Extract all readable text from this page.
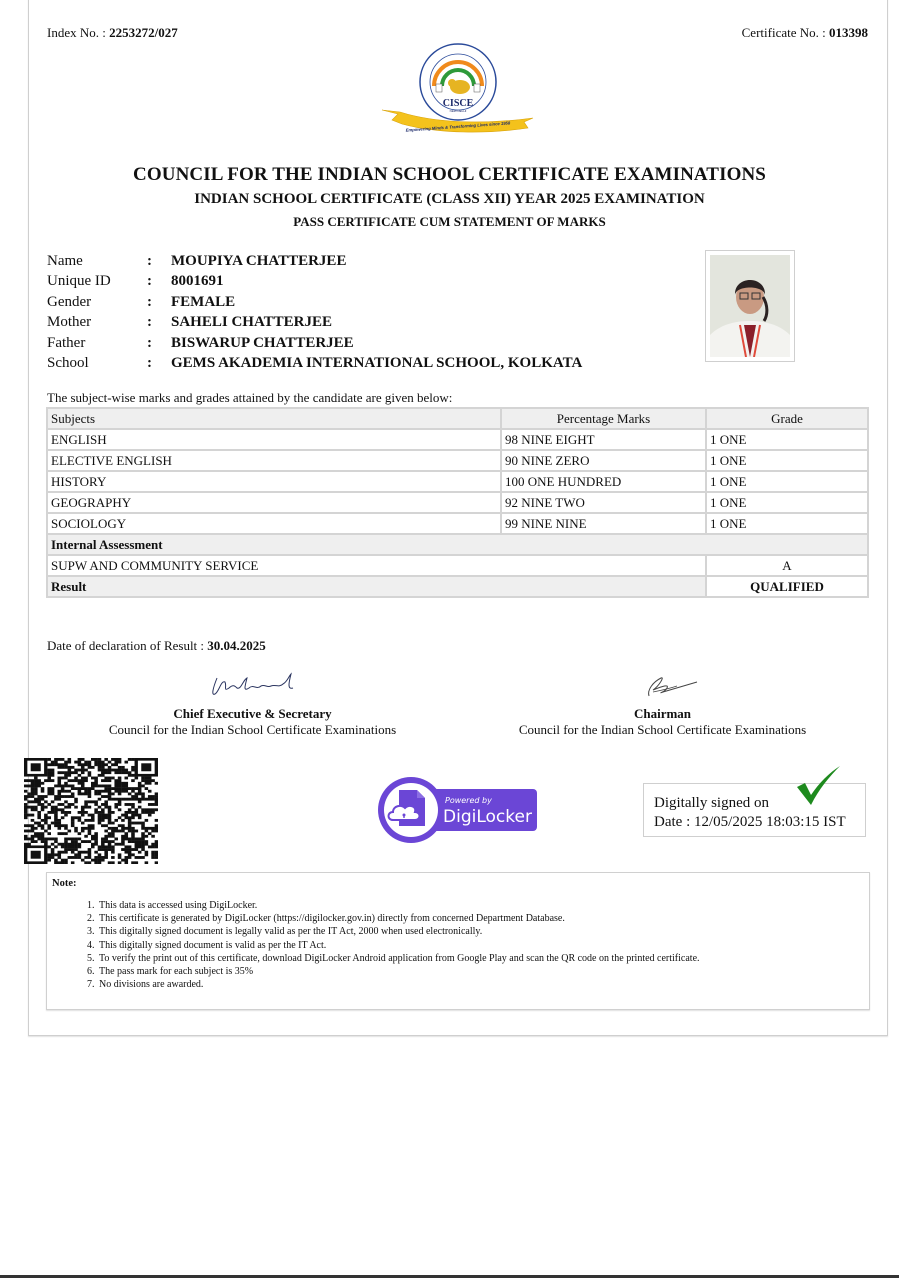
Index No. : 2253272/027	Certificate No. : 013398
CISCE
NEW DELHI
Empowering Minds & Transforming Lives since 1958
COUNCIL FOR THE INDIAN SCHOOL CERTIFICATE EXAMINATIONS
INDIAN SCHOOL CERTIFICATE (CLASS XII) YEAR 2025 EXAMINATION
PASS CERTIFICATE CUM STATEMENT OF MARKS
Name	:	MOUPIYA CHATTERJEE
Unique ID	:	8001691
Gender	:	FEMALE
Mother	:	SAHELI CHATTERJEE
Father	:	BISWARUP CHATTERJEE
School	:	GEMS AKADEMIA INTERNATIONAL SCHOOL, KOLKATA
The subject-wise marks and grades attained by the candidate are given below:
Subjects	Percentage Marks	Grade
ENGLISH	98 NINE EIGHT	1 ONE
ELECTIVE ENGLISH	90 NINE ZERO	1 ONE
HISTORY	100 ONE HUNDRED	1 ONE
GEOGRAPHY	92 NINE TWO	1 ONE
SOCIOLOGY	99 NINE NINE	1 ONE
Internal Assessment		
SUPW AND COMMUNITY SERVICE		A
Result		QUALIFIED
Date of declaration of Result : 30.04.2025
Chief Executive & Secretary
Council for the Indian School Certificate Examinations
Chairman
Council for the Indian School Certificate Examinations
Powered by
DigiLocker
Digitally signed on
Date : 12/05/2025 18:03:15 IST
Note:
1. This data is accessed using DigiLocker.
2. This certificate is generated by DigiLocker (https://digilocker.gov.in) directly from concerned Department Database.
3. This digitally signed document is legally valid as per the IT Act, 2000 when used electronically.
4. This digitally signed document is valid as per the IT Act.
5. To verify the print out of this certificate, download DigiLocker Android application from Google Play and scan the QR code on the printed certificate.
6. The pass mark for each subject is 35%
7. No divisions are awarded.
